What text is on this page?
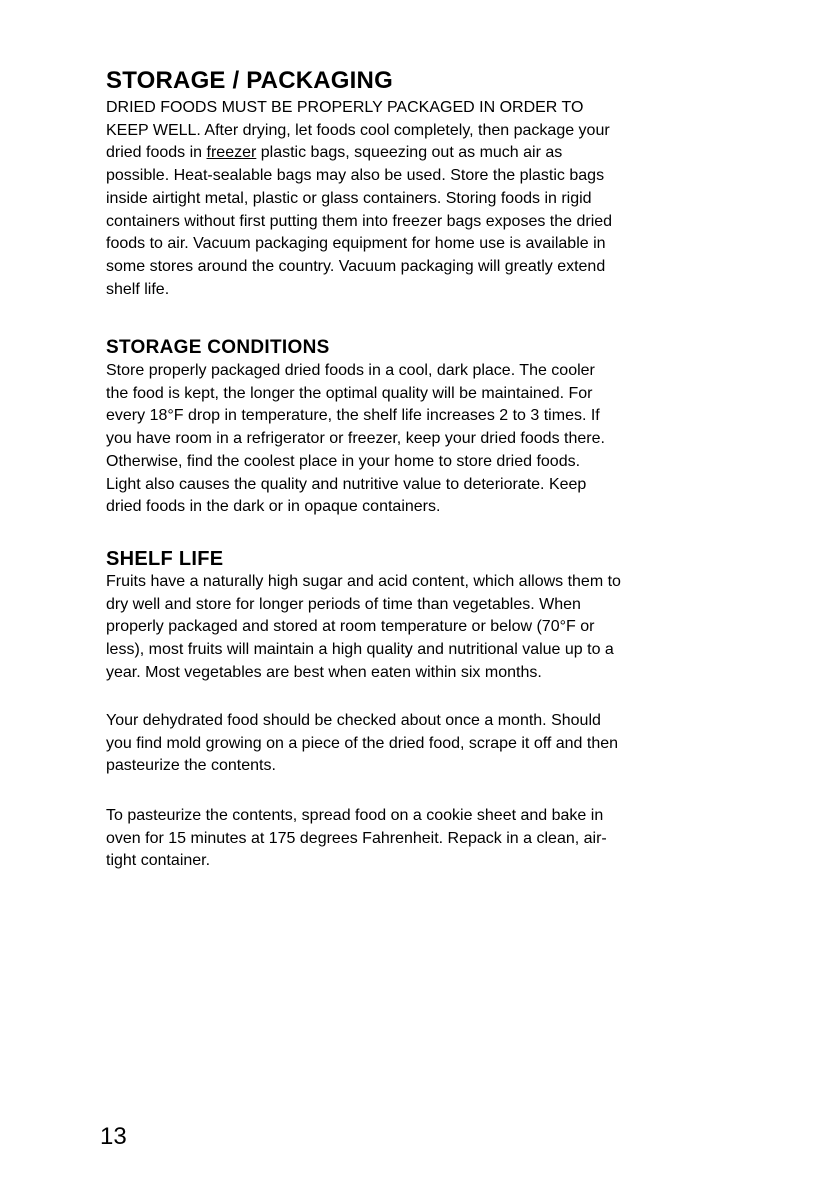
STORAGE / PACKAGING

DRIED FOODS MUST BE PROPERLY PACKAGED IN ORDER TO

KEEP WELL. After drying, let foods cool completely, then package your

dried foods in freezer plastic bags, squeezing out as much air as

possible. Heat-sealable bags may also be used. Store the plastic bags

inside airtight metal, plastic or glass containers. Storing foods in rigid

containers without first putting them into freezer bags exposes the dried

foods to air. Vacuum packaging equipment for home use is available in

some stores around the country. Vacuum packaging will greatly extend

shelf life.

STORAGE CONDITIONS

Store properly packaged dried foods in a cool, dark place. The cooler

the food is kept, the longer the optimal quality will be maintained. For

every 18°F drop in temperature, the shelf life increases 2 to 3 times. If

you have room in a refrigerator or freezer, keep your dried foods there.

Otherwise, find the coolest place in your home to store dried foods.

Light also causes the quality and nutritive value to deteriorate. Keep

dried foods in the dark or in opaque containers.

SHELF LIFE

Fruits have a naturally high sugar and acid content, which allows them to

dry well and store for longer periods of time than vegetables. When

properly packaged and stored at room temperature or below (70°F or

less), most fruits will maintain a high quality and nutritional value up to a

year. Most vegetables are best when eaten within six months.

Your dehydrated food should be checked about once a month. Should

you find mold growing on a piece of the dried food, scrape it off and then

pasteurize the contents.

To pasteurize the contents, spread food on a cookie sheet and bake in

oven for 15 minutes at 175 degrees Fahrenheit. Repack in a clean, air-

tight container.

13
